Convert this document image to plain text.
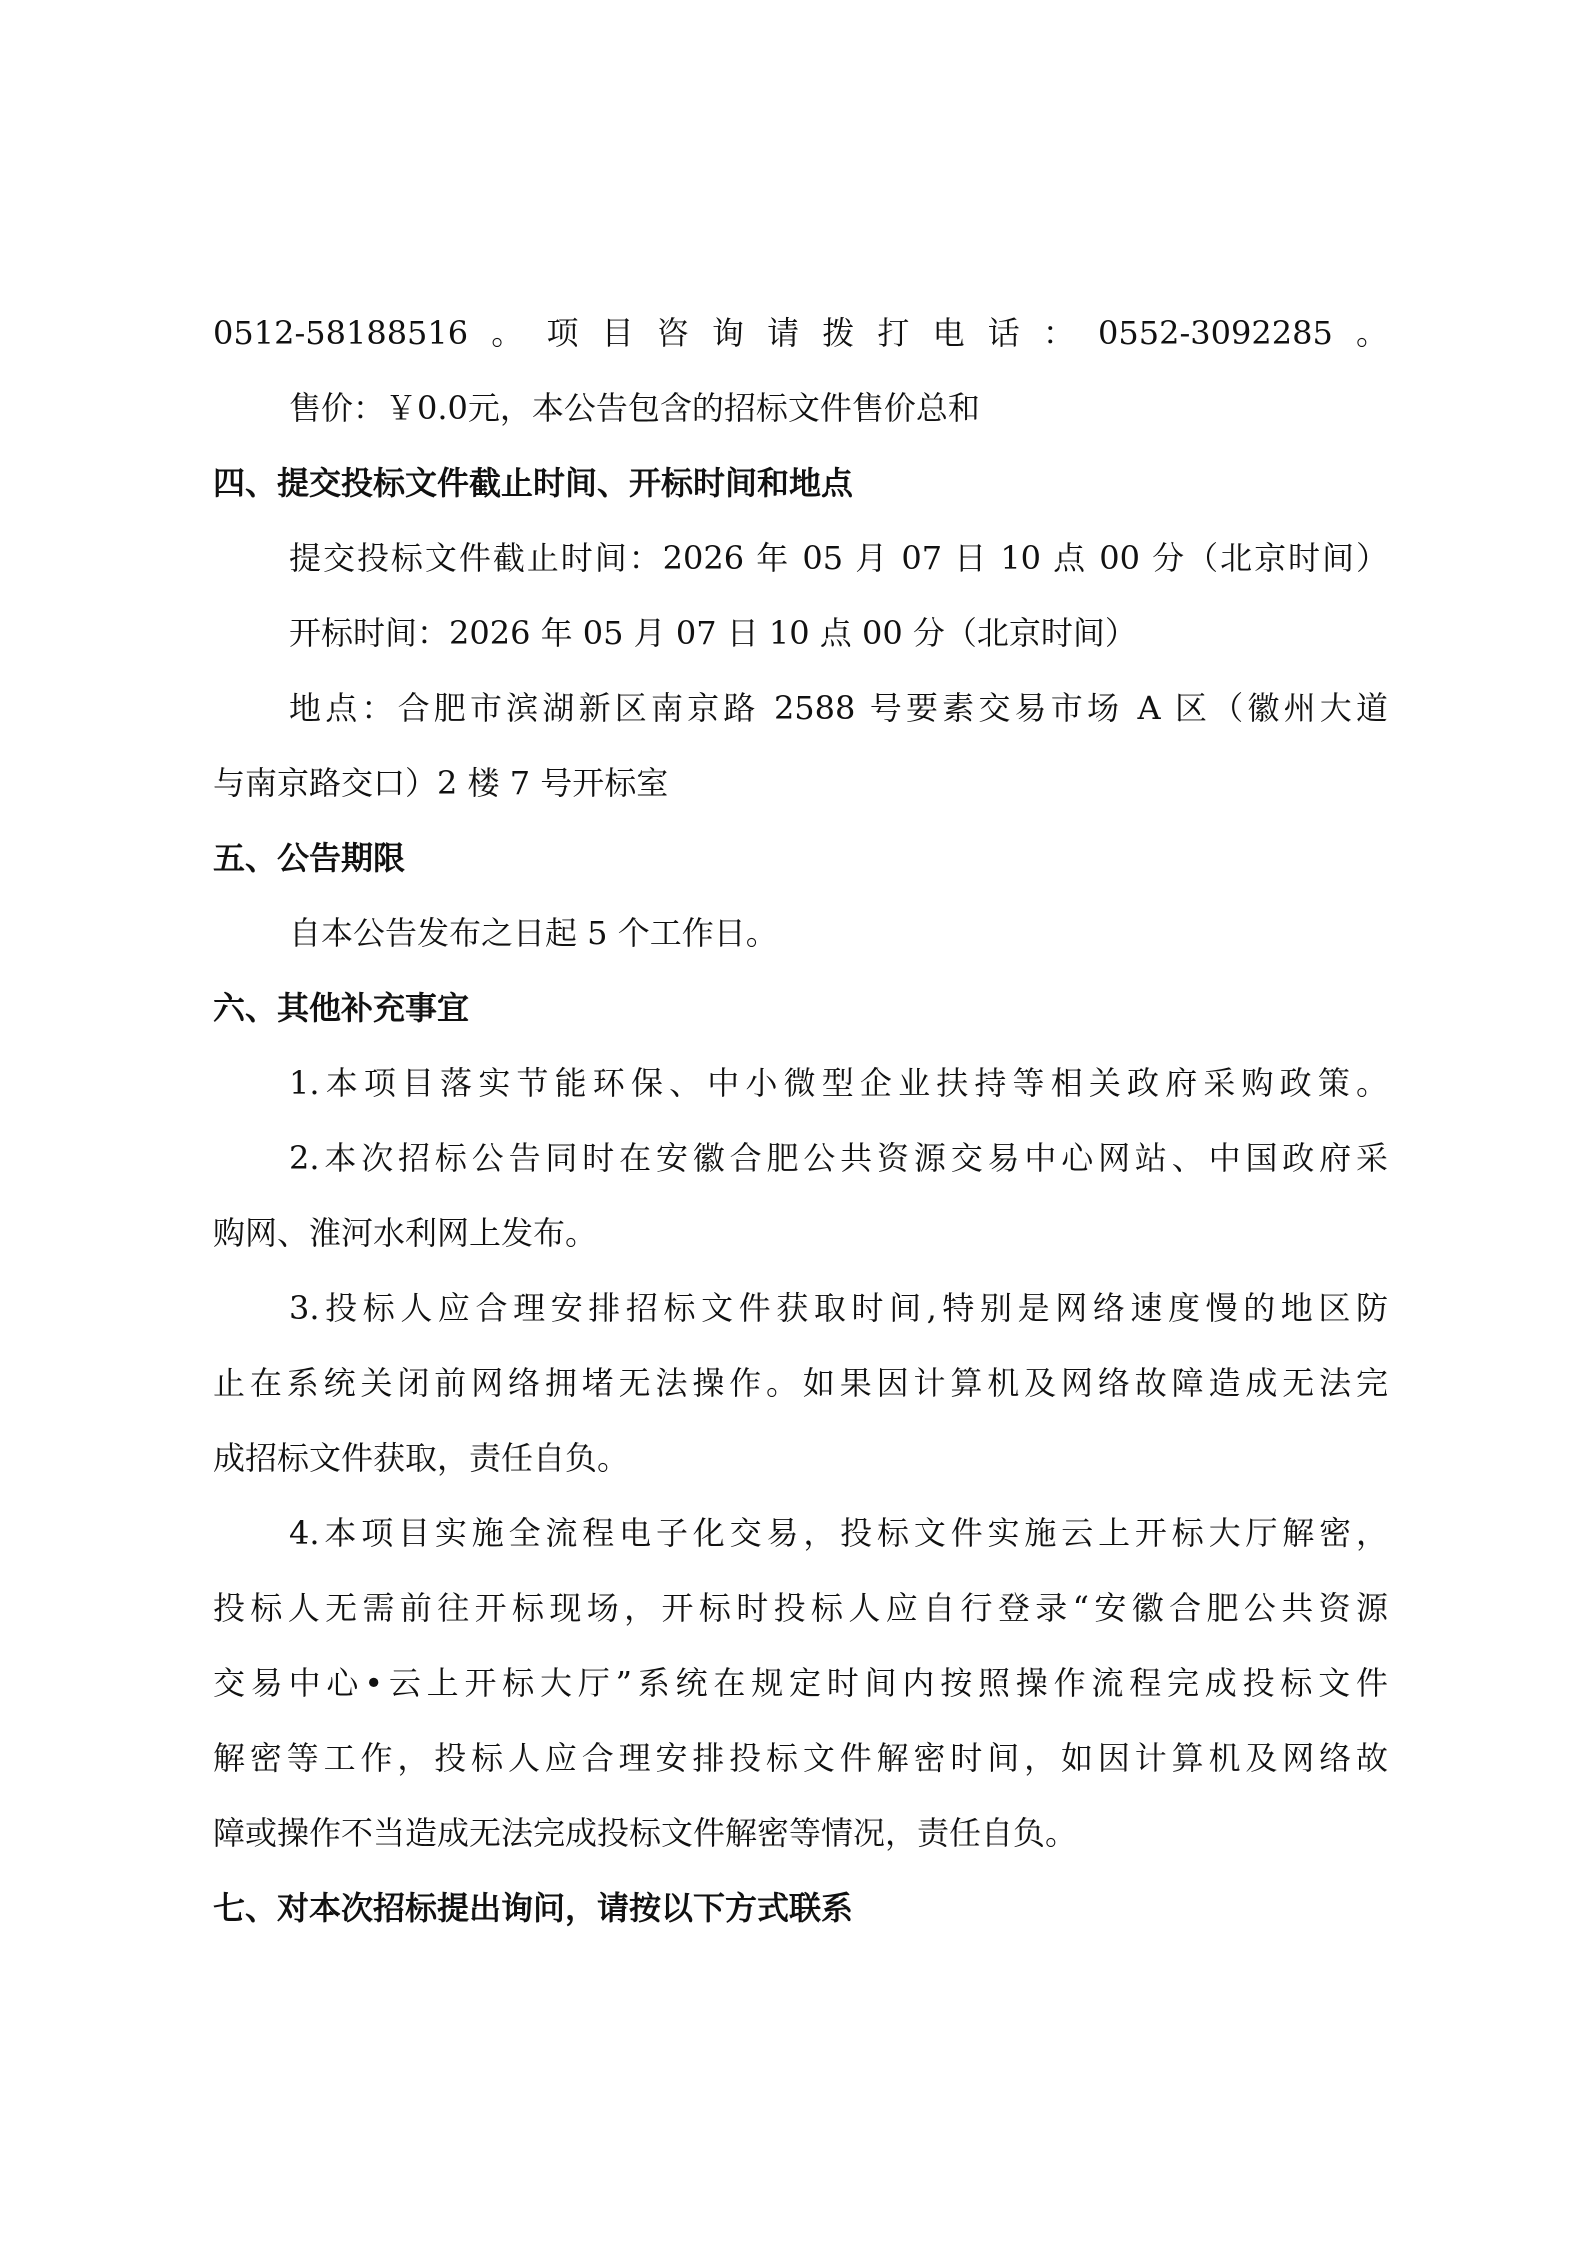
0512-58188516。项目咨询请拨打电话：0552-3092285。
售价：￥0.0元，本公告包含的招标文件售价总和
四、提交投标文件截止时间、开标时间和地点
提交投标文件截止时间：2026 年 05 月 07 日 10 点 00 分（北京时间）
开标时间：2026 年 05 月 07 日 10 点 00 分（北京时间）
地点：合肥市滨湖新区南京路 2588 号要素交易市场 A 区（徽州大道
与南京路交口）2 楼 7 号开标室
五、公告期限
自本公告发布之日起 5 个工作日。
六、其他补充事宜
1.本项目落实节能环保、中小微型企业扶持等相关政府采购政策。
2.本次招标公告同时在安徽合肥公共资源交易中心网站、中国政府采
购网、淮河水利网上发布。
3.投标人应合理安排招标文件获取时间,特别是网络速度慢的地区防
止在系统关闭前网络拥堵无法操作。如果因计算机及网络故障造成无法完
成招标文件获取，责任自负。
4.本项目实施全流程电子化交易，投标文件实施云上开标大厅解密，
投标人无需前往开标现场，开标时投标人应自行登录“安徽合肥公共资源
交易中心•云上开标大厅”系统在规定时间内按照操作流程完成投标文件
解密等工作，投标人应合理安排投标文件解密时间，如因计算机及网络故
障或操作不当造成无法完成投标文件解密等情况，责任自负。
七、对本次招标提出询问，请按以下方式联系
